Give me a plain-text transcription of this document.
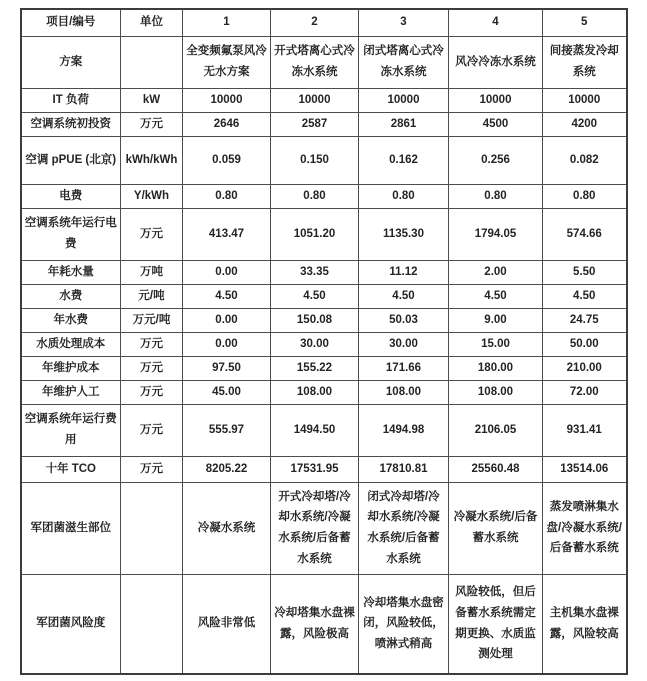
项目/编号	单位	1	2	3	4	5
方案		全变频氟泵风冷无水方案	开式塔离心式冷冻水系统	闭式塔离心式冷冻水系统	风冷冷冻水系统	间接蒸发冷却系统
IT 负荷	kW	10000	10000	10000	10000	10000
空调系统初投资	万元	2646	2587	2861	4500	4200
空调 pPUE (北京)	kWh/kWh	0.059	0.150	0.162	0.256	0.082
电费	Y/kWh	0.80	0.80	0.80	0.80	0.80
空调系统年运行电费	万元	413.47	1051.20	1135.30	1794.05	574.66
年耗水量	万吨	0.00	33.35	11.12	2.00	5.50
水费	元/吨	4.50	4.50	4.50	4.50	4.50
年水费	万元/吨	0.00	150.08	50.03	9.00	24.75
水质处理成本	万元	0.00	30.00	30.00	15.00	50.00
年维护成本	万元	97.50	155.22	171.66	180.00	210.00
年维护人工	万元	45.00	108.00	108.00	108.00	72.00
空调系统年运行费用	万元	555.97	1494.50	1494.98	2106.05	931.41
十年 TCO	万元	8205.22	17531.95	17810.81	25560.48	13514.06
军团菌滋生部位		冷凝水系统	开式冷却塔/冷却水系统/冷凝水系统/后备蓄水系统	闭式冷却塔/冷却水系统/冷凝水系统/后备蓄水系统	冷凝水系统/后备蓄水系统	蒸发喷淋集水盘/冷凝水系统/后备蓄水系统
军团菌风险度		风险非常低	冷却塔集水盘裸露，风险极高	冷却塔集水盘密闭，风险较低，喷淋式稍高	风险较低，但后备蓄水系统需定期更换、水质监测处理	主机集水盘裸露，风险较高
